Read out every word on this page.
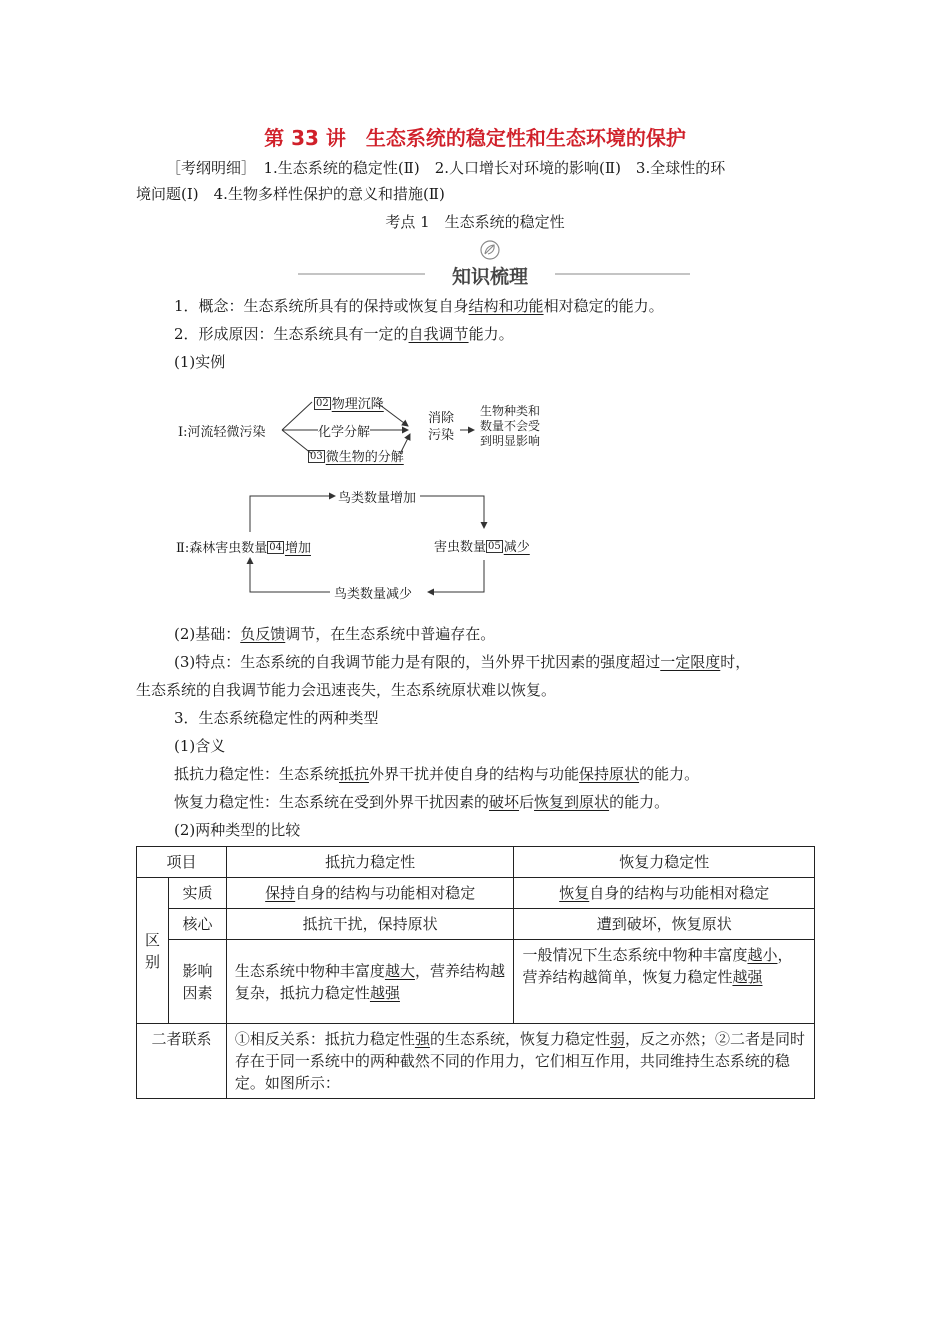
第 33 讲　生态系统的稳定性和生态环境的保护
［考纲明细］　1.生态系统的稳定性(Ⅱ)　2.人口增长对环境的影响(Ⅱ)　3.全球性的环
境问题(Ⅰ)　4.生物多样性保护的意义和措施(Ⅱ)
考点 1　生态系统的稳定性
知识梳理
1．概念：生态系统所具有的保持或恢复自身结构和功能相对稳定的能力。
2．形成原因：生态系统具有一定的自我调节能力。
(1)实例
Ⅰ:河流轻微污染
02 物理沉降
化学分解
03 微生物的分解
消除
污染
生物种类和
数量不会受
到明显影响
鸟类数量增加
Ⅱ:森林害虫数量 04 增加	害虫数量 05 减少
鸟类数量减少
(2)基础：负反馈调节，在生态系统中普遍存在。
(3)特点：生态系统的自我调节能力是有限的，当外界干扰因素的强度超过一定限度时，
生态系统的自我调节能力会迅速丧失，生态系统原状难以恢复。
3．生态系统稳定性的两种类型
(1)含义
抵抗力稳定性：生态系统抵抗外界干扰并使自身的结构与功能保持原状的能力。
恢复力稳定性：生态系统在受到外界干扰因素的破坏后恢复到原状的能力。
(2)两种类型的比较
项目		抵抗力稳定性	恢复力稳定性
区别	实质	保持自身的结构与功能相对稳定	恢复自身的结构与功能相对稳定
	核心	抵抗干扰，保持原状	遭到破坏，恢复原状
	影响因素	生态系统中物种丰富度越大，营养结构越复杂，抵抗力稳定性越强	一般情况下生态系统中物种丰富度越小，营养结构越简单，恢复力稳定性越强
二者联系		①相反关系：抵抗力稳定性强的生态系统，恢复力稳定性弱，反之亦然；②二者是同时存在于同一系统中的两种截然不同的作用力，它们相互作用，共同维持生态系统的稳定。如图所示：	
